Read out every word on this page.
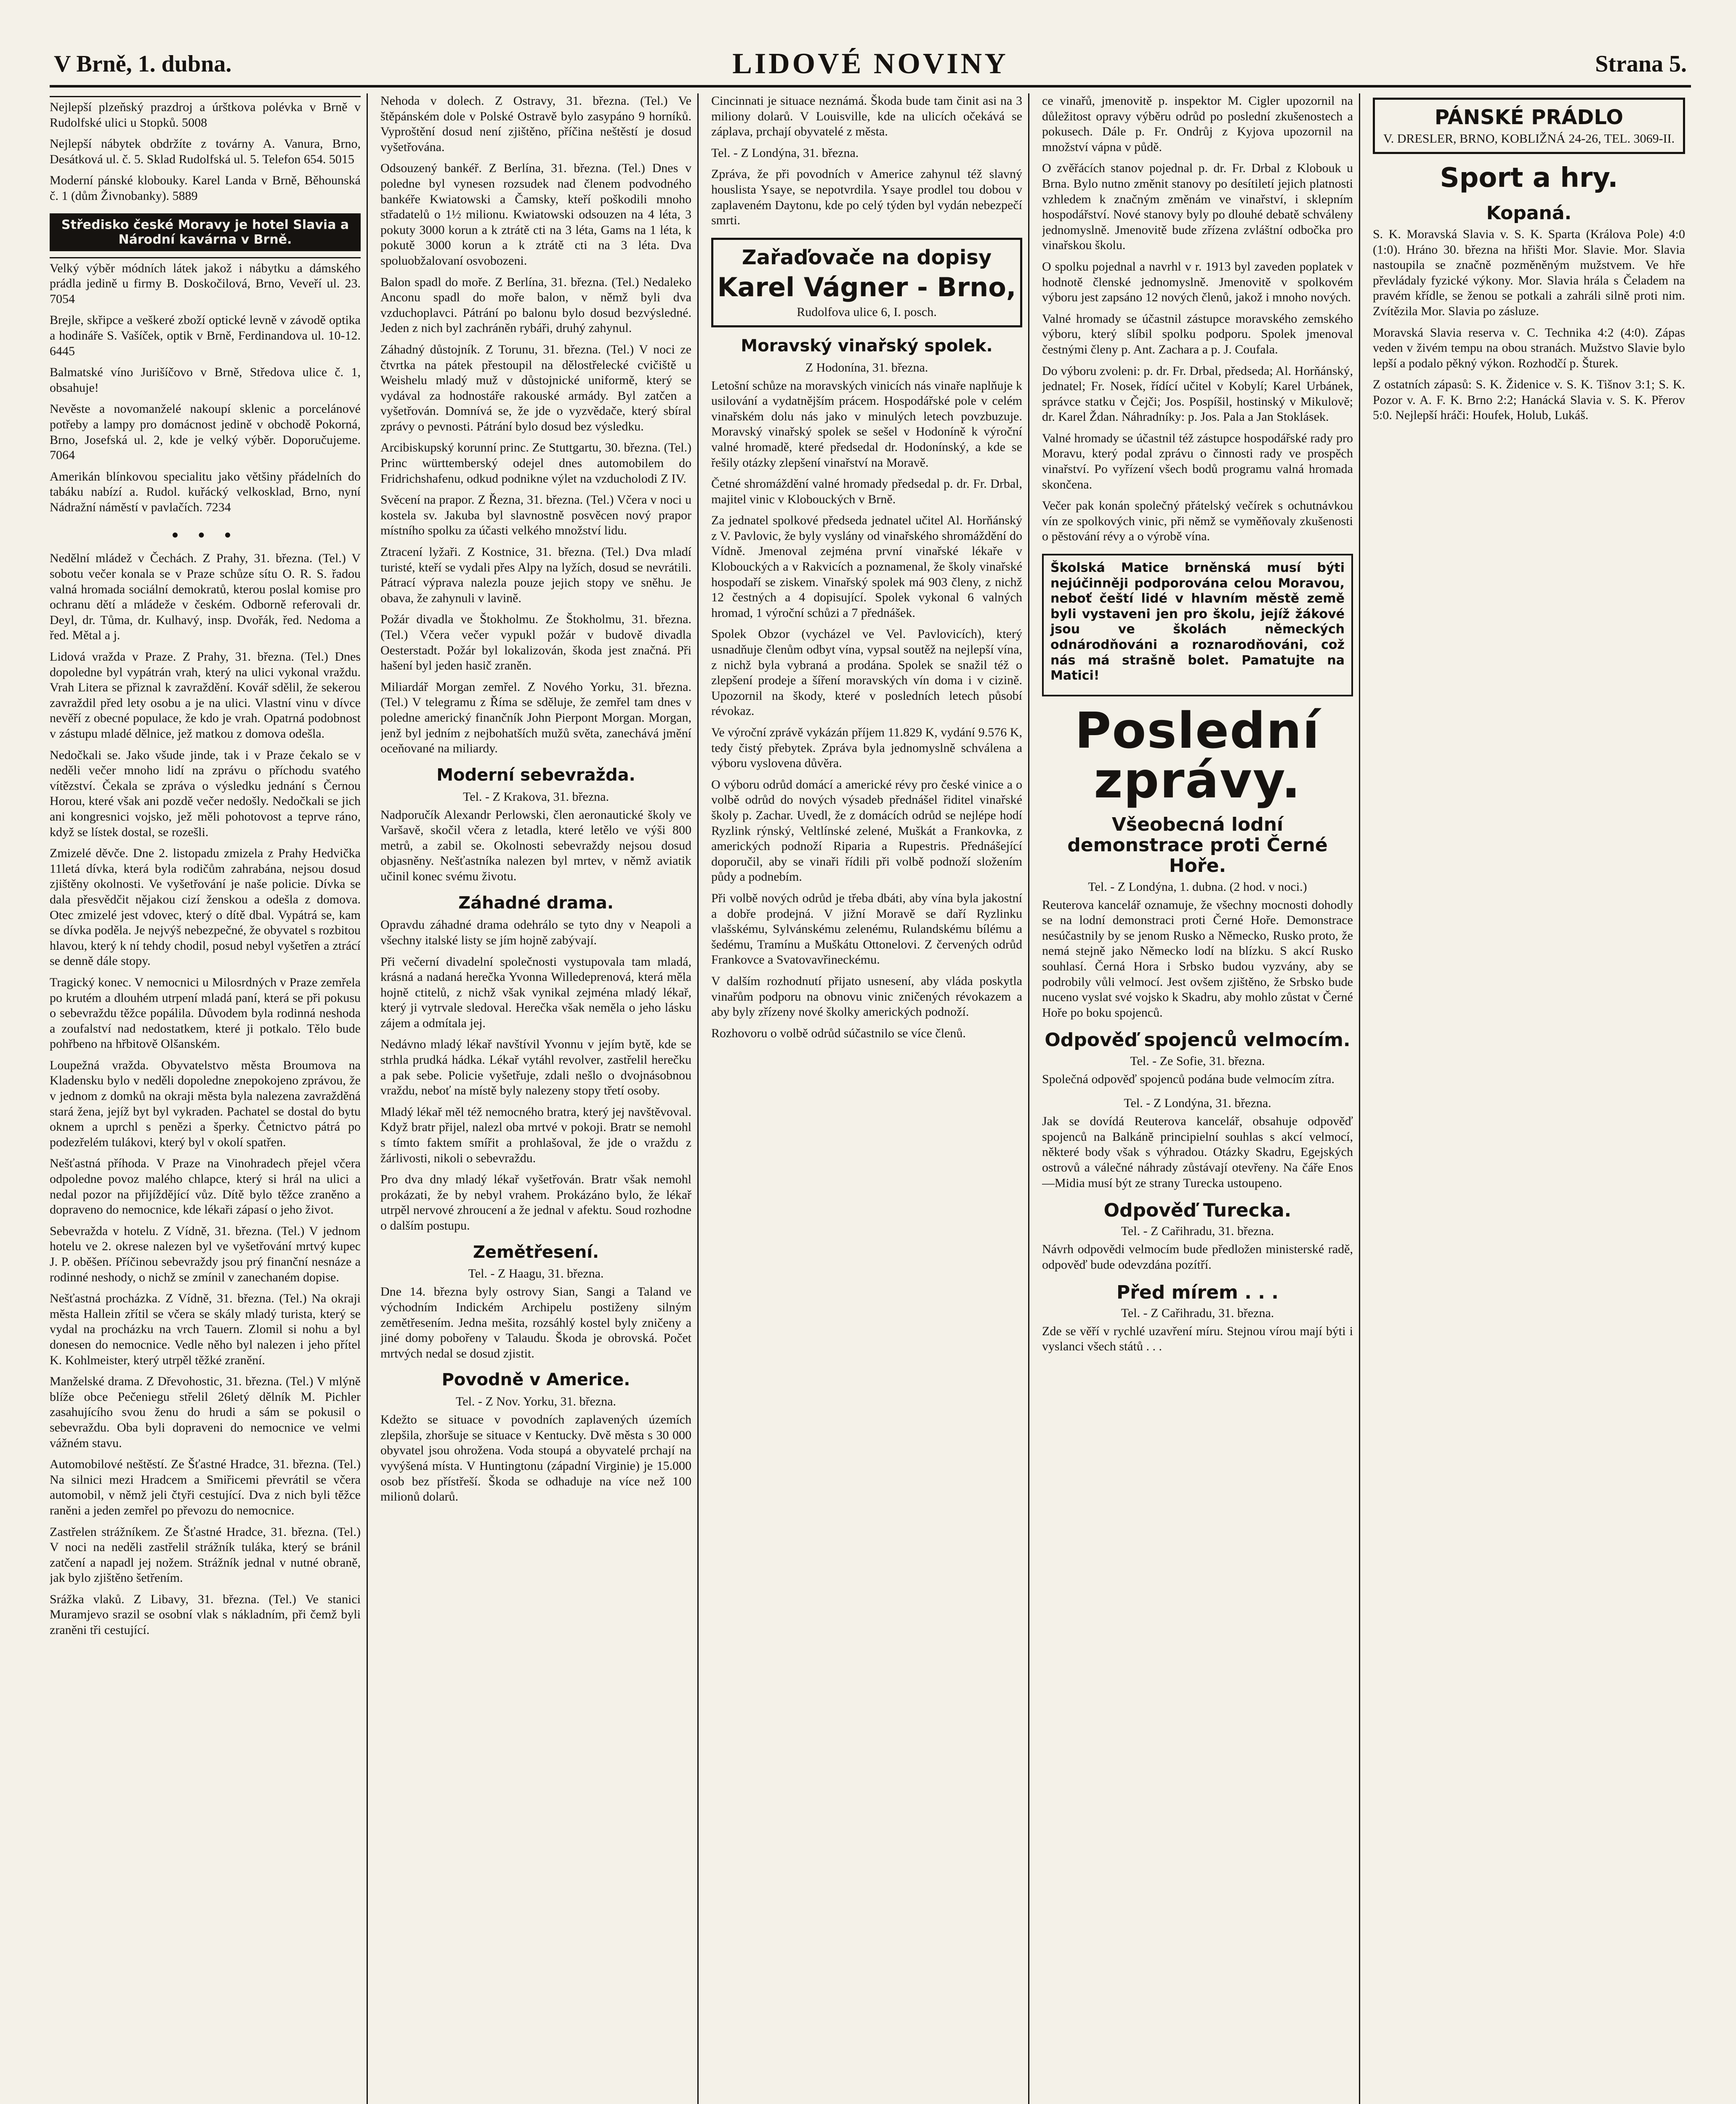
V Brně, 1. dubna.	LIDOVÉ NOVINY	Strana 5.

Nejlepší plzeňský prazdroj a úrštkova polévka v Brně v Rudolfské ulici u Stopků. 5008

Nejlepší nábytek obdržíte z továrny A. Vanura, Brno, Desátková ul. č. 5. Sklad Rudolfská ul. 5. Telefon 654. 5015

Moderní pánské klobouky. Karel Landa v Brně, Běhounská č. 1 (dům Živnobanky). 5889

Středisko české Moravy je hotel Slavia a Národní kavárna v Brně.

Velký výběr módních látek jakož i nábytku a dámského prádla jedině u firmy B. Doskočilová, Brno, Veveří ul. 23. 7054

Brejle, skřipce a veškeré zboží optické levně v závodě optika a hodináře S. Vašíček, optik v Brně, Ferdinandova ul. 10-12. 6445

Balmatské víno Jurišíčovo v Brně, Středova ulice č. 1, obsahuje!

Nevěste a novomanželé nakoupí sklenic a porcelánové potřeby a lampy pro domácnost jedině v obchodě Pokorná, Brno, Josefská ul. 2, kde je velký výběr. Doporučujeme. 7064

Amerikán blínkovou specialitu jako většiny přádelních do tabáku nabízí a. Rudol. kuřácký velkosklad, Brno, nyní Nádražní náměstí v pavlačích. 7234

• • •

Nedělní mládež v Čechách. Z Prahy, 31. března. (Tel.) V sobotu večer konala se v Praze schůze sítu O. R. S. řadou valná hromada sociální demokratů, kterou poslal komise pro ochranu dětí a mládeže v českém. Odborně referovali dr. Deyl, dr. Tůma, dr. Kulhavý, insp. Dvořák, řed. Nedoma a řed. Mětal a j.

Lidová vražda v Praze. Z Prahy, 31. března. (Tel.) Dnes dopoledne byl vypátrán vrah, který na ulici vykonal vraždu. Vrah Litera se přiznal k zavraždění. Kovář sdělil, že sekerou zavraždil před lety osobu a je na ulici. Vlastní vinu v dívce nevěří z obecné populace, že kdo je vrah. Opatrná podobnost v zástupu mladé dělnice, jež matkou z domova odešla.

Nedočkali se. Jako všude jinde, tak i v Praze čekalo se v neděli večer mnoho lidí na zprávu o příchodu svatého vítězství. Čekala se zpráva o výsledku jednání s Černou Horou, které však ani pozdě večer nedošly. Nedočkali se jich ani kongresnici vojsko, jež měli pohotovost a teprve ráno, když se lístek dostal, se rozešli.

Zmizelé děvče. Dne 2. listopadu zmizela z Prahy Hedvička 11letá dívka, která byla rodičům zahrabána, nejsou dosud zjištěny okolnosti. Ve vyšetřování je naše policie. Dívka se dala přesvědčit nějakou cizí ženskou a odešla z domova. Otec zmizelé jest vdovec, který o dítě dbal. Vypátrá se, kam se dívka poděla. Je nejvýš nebezpečné, že obyvatel s rozbitou hlavou, který k ní tehdy chodil, posud nebyl vyšetřen a ztrácí se denně dále stopy.

Tragický konec. V nemocnici u Milosrdných v Praze zemřela po krutém a dlouhém utrpení mladá paní, která se při pokusu o sebevraždu těžce popálila. Důvodem byla rodinná neshoda a zoufalství nad nedostatkem, které ji potkalo. Tělo bude pohřbeno na hřbitově Olšanském.

Loupežná vražda. Obyvatelstvo města Broumova na Kladensku bylo v neděli dopoledne znepokojeno zprávou, že v jednom z domků na okraji města byla nalezena zavražděná stará žena, jejíž byt byl vykraden. Pachatel se dostal do bytu oknem a uprchl s penězi a šperky. Četnictvo pátrá po podezřelém tulákovi, který byl v okolí spatřen.

Nešťastná příhoda. V Praze na Vinohradech přejel včera odpoledne povoz malého chlapce, který si hrál na ulici a nedal pozor na přijíždějící vůz. Dítě bylo těžce zraněno a dopraveno do nemocnice, kde lékaři zápasí o jeho život.

Sebevražda v hotelu. Z Vídně, 31. března. (Tel.) V jednom hotelu ve 2. okrese nalezen byl ve vyšetřování mrtvý kupec J. P. oběšen. Příčinou sebevraždy jsou prý finanční nesnáze a rodinné neshody, o nichž se zmínil v zanechaném dopise.

Nešťastná procházka. Z Vídně, 31. března. (Tel.) Na okraji města Hallein zřítil se včera se skály mladý turista, který se vydal na procházku na vrch Tauern. Zlomil si nohu a byl donesen do nemocnice. Vedle něho byl nalezen i jeho přítel K. Kohlmeister, který utrpěl těžké zranění.

Manželské drama. Z Dřevohostic, 31. března. (Tel.) V mlýně blíže obce Pečeniegu střelil 26letý dělník M. Pichler zasahujícího svou ženu do hrudi a sám se pokusil o sebevraždu. Oba byli dopraveni do nemocnice ve velmi vážném stavu.

Automobilové neštěstí. Ze Šťastné Hradce, 31. března. (Tel.) Na silnici mezi Hradcem a Smiřicemi převrátil se včera automobil, v němž jeli čtyři cestující. Dva z nich byli těžce raněni a jeden zemřel po převozu do nemocnice.

Zastřelen strážníkem. Ze Šťastné Hradce, 31. března. (Tel.) V noci na neděli zastřelil strážník tuláka, který se bránil zatčení a napadl jej nožem. Strážník jednal v nutné obraně, jak bylo zjištěno šetřením.

Srážka vlaků. Z Libavy, 31. března. (Tel.) Ve stanici Muramjevo srazil se osobní vlak s nákladním, při čemž byli zraněni tři cestující.

Nehoda v dolech. Z Ostravy, 31. března. (Tel.) Ve štěpánském dole v Polské Ostravě bylo zasypáno 9 horníků. Vyproštění dosud není zjištěno, příčina neštěstí je dosud vyšetřována.

Odsouzený bankéř. Z Berlína, 31. března. (Tel.) Dnes v poledne byl vynesen rozsudek nad členem podvodného bankéře Kwiatowski a Čamsky, kteří poškodili mnoho střadatelů o 1½ milionu. Kwiatowski odsouzen na 4 léta, 3 pokuty 3000 korun a k ztrátě cti na 3 léta, Gams na 1 léta, k pokutě 3000 korun a k ztrátě cti na 3 léta. Dva spoluobžalovaní osvobozeni.

Balon spadl do moře. Z Berlína, 31. března. (Tel.) Nedaleko Anconu spadl do moře balon, v němž byli dva vzduchoplavci. Pátrání po balonu bylo dosud bezvýsledné. Jeden z nich byl zachráněn rybáři, druhý zahynul.

Záhadný důstojník. Z Torunu, 31. března. (Tel.) V noci ze čtvrtka na pátek přestoupil na dělostřelecké cvičiště u Weishelu mladý muž v důstojnické uniformě, který se vydával za hodnostáře rakouské armády. Byl zatčen a vyšetřován. Domnívá se, že jde o vyzvědače, který sbíral zprávy o pevnosti. Pátrání bylo dosud bez výsledku.

Arcibiskupský korunní princ. Ze Stuttgartu, 30. března. (Tel.) Princ württemberský odejel dnes automobilem do Fridrichshafenu, odkud podnikne výlet na vzducholodi Z IV.

Svěcení na prapor. Z Řezna, 31. března. (Tel.) Včera v noci u kostela sv. Jakuba byl slavnostně posvěcen nový prapor místního spolku za účasti velkého množství lidu.

Ztracení lyžaři. Z Kostnice, 31. března. (Tel.) Dva mladí turisté, kteří se vydali přes Alpy na lyžích, dosud se nevrátili. Pátrací výprava nalezla pouze jejich stopy ve sněhu. Je obava, že zahynuli v lavině.

Požár divadla ve Štokholmu. Ze Štokholmu, 31. března. (Tel.) Včera večer vypukl požár v budově divadla Oesterstadt. Požár byl lokalizován, škoda jest značná. Při hašení byl jeden hasič zraněn.

Miliardář Morgan zemřel. Z Nového Yorku, 31. března. (Tel.) V telegramu z Říma se sděluje, že zemřel tam dnes v poledne americký finančník John Pierpont Morgan. Morgan, jenž byl jedním z nejbohatších mužů světa, zanechává jmění oceňované na miliardy.

Moderní sebevražda.
Tel. - Z Krakova, 31. března.

Nadporučík Alexandr Perlowski, člen aeronautické školy ve Varšavě, skočil včera z letadla, které letělo ve výši 800 metrů, a zabil se. Okolnosti sebevraždy nejsou dosud objasněny. Nešťastníka nalezen byl mrtev, v němž aviatik učinil konec svému životu.

Záhadné drama.

Opravdu záhadné drama odehrálo se tyto dny v Neapoli a všechny italské listy se jím hojně zabývají.

Při večerní divadelní společnosti vystupovala tam mladá, krásná a nadaná herečka Yvonna Willedeprenová, která měla hojně ctitelů, z nichž však vynikal zejména mladý lékař, který ji vytrvale sledoval. Herečka však neměla o jeho lásku zájem a odmítala jej.

Nedávno mladý lékař navštívil Yvonnu v jejím bytě, kde se strhla prudká hádka. Lékař vytáhl revolver, zastřelil herečku a pak sebe. Policie vyšetřuje, zdali nešlo o dvojnásobnou vraždu, neboť na místě byly nalezeny stopy třetí osoby.

Mladý lékař měl též nemocného bratra, který jej navštěvoval. Když bratr přijel, nalezl oba mrtvé v pokoji. Bratr se nemohl s tímto faktem smířit a prohlašoval, že jde o vraždu z žárlivosti, nikoli o sebevraždu.

Pro dva dny mladý lékař vyšetřován. Bratr však nemohl prokázati, že by nebyl vrahem. Prokázáno bylo, že lékař utrpěl nervové zhroucení a že jednal v afektu. Soud rozhodne o dalším postupu.

Zemětřesení.
Tel. - Z Haagu, 31. března.

Dne 14. března byly ostrovy Sian, Sangi a Taland ve východním Indickém Archipelu postiženy silným zemětřesením. Jedna mešita, rozsáhlý kostel byly zničeny a jiné domy pobořeny v Talaudu. Škoda je obrovská. Počet mrtvých nedal se dosud zjistit.

Povodně v Americe.
Tel. - Z Nov. Yorku, 31. března.

Kdežto se situace v povodních zaplavených územích zlepšila, zhoršuje se situace v Kentucky. Dvě města s 30 000 obyvatel jsou ohrožena. Voda stoupá a obyvatelé prchají na vyvýšená místa. V Huntingtonu (západní Virginie) je 15.000 osob bez přístřeší. Škoda se odhaduje na více než 100 milionů dolarů.

Cincinnati je situace neznámá. Škoda bude tam činit asi na 3 miliony dolarů. V Louisville, kde na ulicích očekává se záplava, prchají obyvatelé z města.

Tel. - Z Londýna, 31. března.

Zpráva, že při povodních v Americe zahynul též slavný houslista Ysaye, se nepotvrdila. Ysaye prodlel tou dobou v zaplaveném Daytonu, kde po celý týden byl vydán nebezpečí smrti.

Zařaďovače na dopisy
Karel Vágner - Brno,
Rudolfova ulice 6, I. posch.
Moravský vinařský spolek.
Z Hodonína, 31. března.

Letošní schůze na moravských vinicích nás vinaře naplňuje k usilování a vydatnějším prácem. Hospodářské pole v celém vinařském dolu nás jako v minulých letech povzbuzuje. Moravský vinařský spolek se sešel v Hodoníně k výroční valné hromadě, které předsedal dr. Hodonínský, a kde se řešily otázky zlepšení vinařství na Moravě.

Četné shromáždění valné hromady předsedal p. dr. Fr. Drbal, majitel vinic v Klobouckých v Brně.

Za jednatel spolkové předseda jednatel učitel Al. Horňánský z V. Pavlovic, že byly vyslány od vinařského shromáždění do Vídně. Jmenoval zejména první vinařské lékaře v Klobouckých a v Rakvicích a poznamenal, že školy vinařské hospodaří se ziskem. Vinařský spolek má 903 členy, z nichž 12 čestných a 4 dopisující. Spolek vykonal 6 valných hromad, 1 výroční schůzi a 7 přednášek.

Spolek Obzor (vycházel ve Vel. Pavlovicích), který usnadňuje členům odbyt vína, vypsal soutěž na nejlepší vína, z nichž byla vybraná a prodána. Spolek se snažil též o zlepšení prodeje a šíření moravských vín doma i v cizině. Upozornil na škody, které v posledních letech působí révokaz.

Ve výroční zprávě vykázán příjem 11.829 K, vydání 9.576 K, tedy čistý přebytek. Zpráva byla jednomyslně schválena a výboru vyslovena důvěra.

O výboru odrůd domácí a americké révy pro české vinice a o volbě odrůd do nových výsadeb přednášel řiditel vinařské školy p. Zachar. Uvedl, že z domácích odrůd se nejlépe hodí Ryzlink rýnský, Veltlínské zelené, Muškát a Frankovka, z amerických podnoží Riparia a Rupestris. Přednášející doporučil, aby se vinaři řídili při volbě podnoží složením půdy a podnebím.

Při volbě nových odrůd je třeba dbáti, aby vína byla jakostní a dobře prodejná. V jižní Moravě se daří Ryzlinku vlašskému, Sylvánskému zelenému, Rulandskému bílému a šedému, Tramínu a Muškátu Ottonelovi. Z červených odrůd Frankovce a Svatovavřineckému.

V dalším rozhodnutí přijato usnesení, aby vláda poskytla vinařům podporu na obnovu vinic zničených révokazem a aby byly zřízeny nové školky amerických podnoží.

Rozhovoru o volbě odrůd súčastnilo se více členů.

ce vinařů, jmenovitě p. inspektor M. Cigler upozornil na důležitost opravy výběru odrůd po poslední zkušenostech a pokusech. Dále p. Fr. Ondrůj z Kyjova upozornil na množství vápna v půdě.

O zvěřácích stanov pojednal p. dr. Fr. Drbal z Klobouk u Brna. Bylo nutno změnit stanovy po desítiletí jejich platnosti vzhledem k značným změnám ve vinařství, i sklepním hospodářství. Nové stanovy byly po dlouhé debatě schváleny jednomyslně. Jmenovitě bude zřízena zvláštní odbočka pro vinařskou školu.

O spolku pojednal a navrhl v r. 1913 byl zaveden poplatek v hodnotě členské jednomyslně. Jmenovitě v spolkovém výboru jest zapsáno 12 nových členů, jakož i mnoho nových.

Valné hromady se účastnil zástupce moravského zemského výboru, který slíbil spolku podporu. Spolek jmenoval čestnými členy p. Ant. Zachara a p. J. Coufala.

Do výboru zvoleni: p. dr. Fr. Drbal, předseda; Al. Horňánský, jednatel; Fr. Nosek, řídící učitel v Kobylí; Karel Urbánek, správce statku v Čejči; Jos. Pospíšil, hostinský v Mikulově; dr. Karel Ždan. Náhradníky: p. Jos. Pala a Jan Stoklásek.

Valné hromady se účastnil též zástupce hospodářské rady pro Moravu, který podal zprávu o činnosti rady ve prospěch vinařství. Po vyřízení všech bodů programu valná hromada skončena.

Večer pak konán společný přátelský večírek s ochutnávkou vín ze spolkových vinic, při němž se vyměňovaly zkušenosti o pěstování révy a o výrobě vína.

Školská Matice brněnská musí býti nejúčinněji podporována celou Moravou, neboť čeští lidé v hlavním městě země byli vystaveni jen pro školu, jejíž žákové jsou ve školách německých odnárodňováni a roznarodňováni, což nás má strašně bolet. Pamatujte na Matici!

Poslední zprávy.
Všeobecná lodní demonstrace proti Černé Hoře.
Tel. - Z Londýna, 1. dubna. (2 hod. v noci.)

Reuterova kancelář oznamuje, že všechny mocnosti dohodly se na lodní demonstraci proti Černé Hoře. Demonstrace nesúčastnily by se jenom Rusko a Německo, Rusko proto, že nemá stejně jako Německo lodí na blízku. S akcí Rusko souhlasí. Černá Hora i Srbsko budou vyzvány, aby se podrobily vůli velmocí. Jest ovšem zjištěno, že Srbsko bude nuceno vyslat své vojsko k Skadru, aby mohlo zůstat v Černé Hoře po boku spojenců.

Odpověď spojenců velmocím.
Tel. - Ze Sofie, 31. března.

Společná odpověď spojenců podána bude velmocím zítra.

Tel. - Z Londýna, 31. března.

Jak se dovídá Reuterova kancelář, obsahuje odpověď spojenců na Balkáně principielní souhlas s akcí velmocí, některé body však s výhradou. Otázky Skadru, Egejských ostrovů a válečné náhrady zůstávají otevřeny. Na čáře Enos—Midia musí být ze strany Turecka ustoupeno.

Odpověď Turecka.
Tel. - Z Cařihradu, 31. března.

Návrh odpovědi velmocím bude předložen ministerské radě, odpověď bude odevzdána pozítří.

Před mírem . . .
Tel. - Z Cařihradu, 31. března.

Zde se věří v rychlé uzavření míru. Stejnou vírou mají býti i vyslanci všech států . . .

PÁNSKÉ PRÁDLO
V. DRESLER, BRNO, KOBLIŽNÁ 24-26, TEL. 3069-II.
Sport a hry.
Kopaná.

S. K. Moravská Slavia v. S. K. Sparta (Králova Pole) 4:0 (1:0). Hráno 30. března na hřišti Mor. Slavie. Mor. Slavia nastoupila se značně pozměněným mužstvem. Ve hře převládaly fyzické výkony. Mor. Slavia hrála s Čeladem na pravém křídle, se ženou se potkali a zahráli silně proti nim. Zvítězila Mor. Slavia po zásluze.

Moravská Slavia reserva v. C. Technika 4:2 (4:0). Zápas veden v živém tempu na obou stranách. Mužstvo Slavie bylo lepší a podalo pěkný výkon. Rozhodčí p. Šturek.

Z ostatních zápasů: S. K. Židenice v. S. K. Tišnov 3:1; S. K. Pozor v. A. F. K. Brno 2:2; Hanácká Slavia v. S. K. Přerov 5:0. Nejlepší hráči: Houfek, Holub, Lukáš.
